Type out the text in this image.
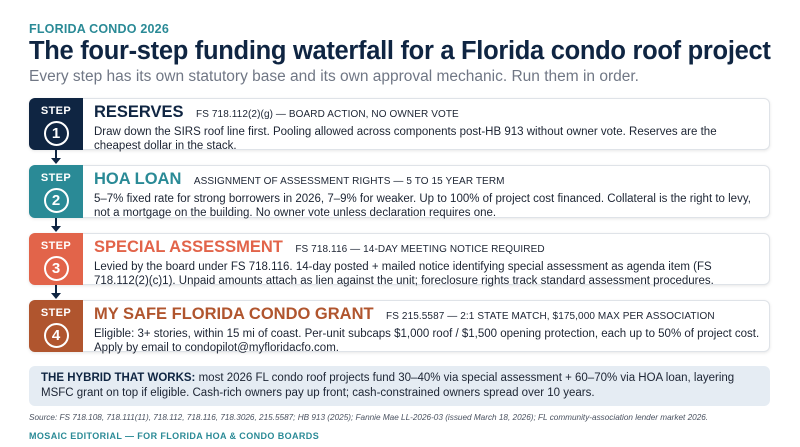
FLORIDA CONDO 2026
The four-step funding waterfall for a Florida condo roof project
Every step has its own statutory base and its own approval mechanic. Run them in order.
STEP
1
RESERVES FS 718.112(2)(g) — BOARD ACTION, NO OWNER VOTE
Draw down the SIRS roof line first. Pooling allowed across components post-HB 913 without owner vote. Reserves are the cheapest dollar in the stack.
STEP
2
HOA LOAN ASSIGNMENT OF ASSESSMENT RIGHTS — 5 TO 15 YEAR TERM
5–7% fixed rate for strong borrowers in 2026, 7–9% for weaker. Up to 100% of project cost financed. Collateral is the right to levy, not a mortgage on the building. No owner vote unless declaration requires one.
STEP
3
SPECIAL ASSESSMENT FS 718.116 — 14-DAY MEETING NOTICE REQUIRED
Levied by the board under FS 718.116. 14-day posted + mailed notice identifying special assessment as agenda item (FS 718.112(2)(c)1). Unpaid amounts attach as lien against the unit; foreclosure rights track standard assessment procedures.
STEP
4
MY SAFE FLORIDA CONDO GRANT FS 215.5587 — 2:1 STATE MATCH, $175,000 MAX PER ASSOCIATION
Eligible: 3+ stories, within 15 mi of coast. Per-unit subcaps $1,000 roof / $1,500 opening protection, each up to 50% of project cost. Apply by email to condopilot@myfloridacfo.com.
THE HYBRID THAT WORKS: most 2026 FL condo roof projects fund 30–40% via special assessment + 60–70% via HOA loan, layering MSFC grant on top if eligible. Cash-rich owners pay up front; cash-constrained owners spread over 10 years.
Source: FS 718.108, 718.111(11), 718.112, 718.116, 718.3026, 215.5587; HB 913 (2025); Fannie Mae LL-2026-03 (issued March 18, 2026); FL community-association lender market 2026.
MOSAIC EDITORIAL — FOR FLORIDA HOA & CONDO BOARDS
